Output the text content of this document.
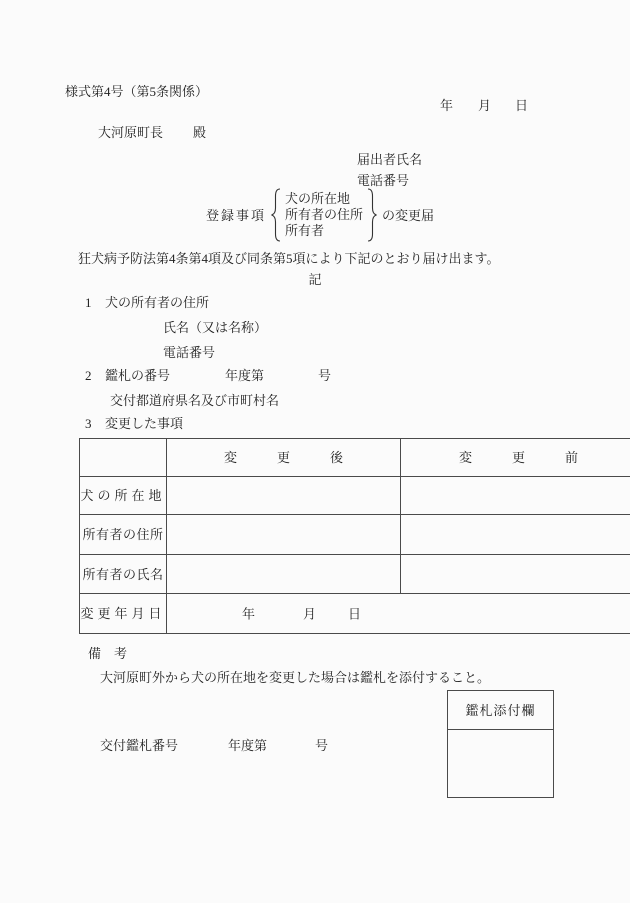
様式第4号（第5条関係）
年 月 日
大河原町長 殿
届出者氏名
電話番号
登録事項
犬の所在地
所有者の住所
所有者
の変更届
狂犬病予防法第4条第4項及び同条第5項により下記のとおり届け出ます。
記
1 犬の所有者の住所
氏名（又は名称）
電話番号
2 鑑札の番号	年度第	号
交付都道府県名及び市町村名
3 変更した事項
	変更後	変更前
犬の所在地		
所有者の住所		
所有者の氏名		
変更年月日	年 月 日	
備　考
大河原町外から犬の所在地を変更した場合は鑑札を添付すること。
鑑札添付欄
交付鑑札番号	年度第	号
